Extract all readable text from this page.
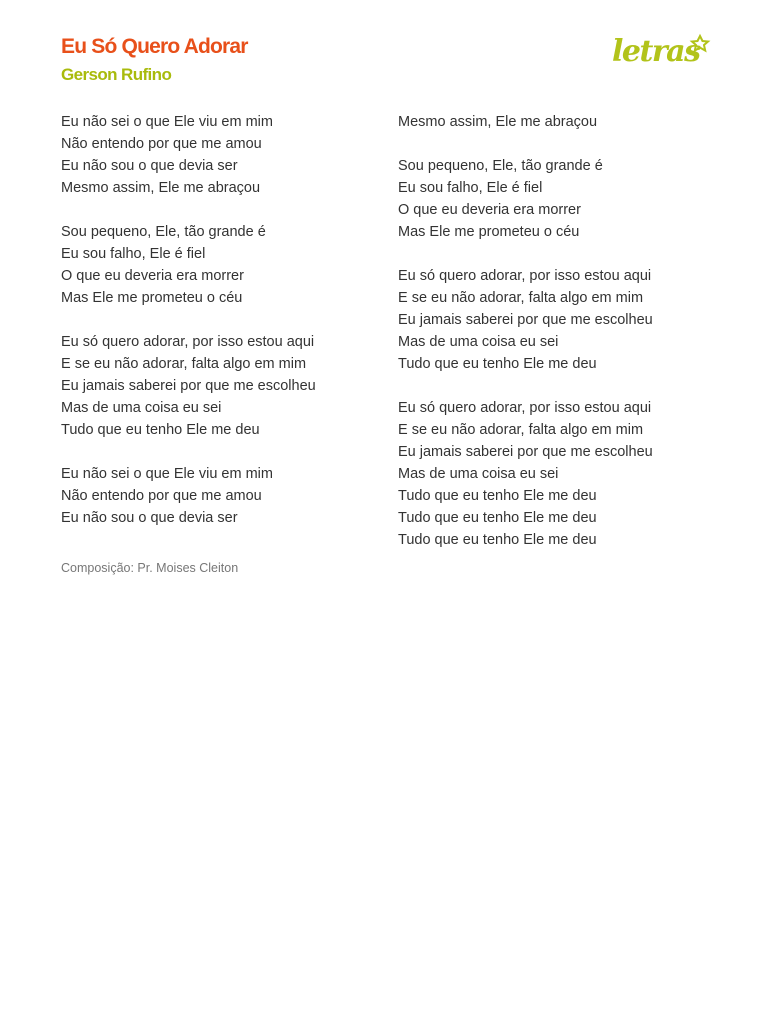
Eu Só Quero Adorar
Gerson Rufino
letras
Eu não sei o que Ele viu em mim
Não entendo por que me amou
Eu não sou o que devia ser
Mesmo assim, Ele me abraçou
Sou pequeno, Ele, tão grande é
Eu sou falho, Ele é fiel
O que eu deveria era morrer
Mas Ele me prometeu o céu
Eu só quero adorar, por isso estou aqui
E se eu não adorar, falta algo em mim
Eu jamais saberei por que me escolheu
Mas de uma coisa eu sei
Tudo que eu tenho Ele me deu
Eu não sei o que Ele viu em mim
Não entendo por que me amou
Eu não sou o que devia ser
Mesmo assim, Ele me abraçou
Sou pequeno, Ele, tão grande é
Eu sou falho, Ele é fiel
O que eu deveria era morrer
Mas Ele me prometeu o céu
Eu só quero adorar, por isso estou aqui
E se eu não adorar, falta algo em mim
Eu jamais saberei por que me escolheu
Mas de uma coisa eu sei
Tudo que eu tenho Ele me deu
Eu só quero adorar, por isso estou aqui
E se eu não adorar, falta algo em mim
Eu jamais saberei por que me escolheu
Mas de uma coisa eu sei
Tudo que eu tenho Ele me deu
Tudo que eu tenho Ele me deu
Tudo que eu tenho Ele me deu
Composição: Pr. Moises Cleiton
